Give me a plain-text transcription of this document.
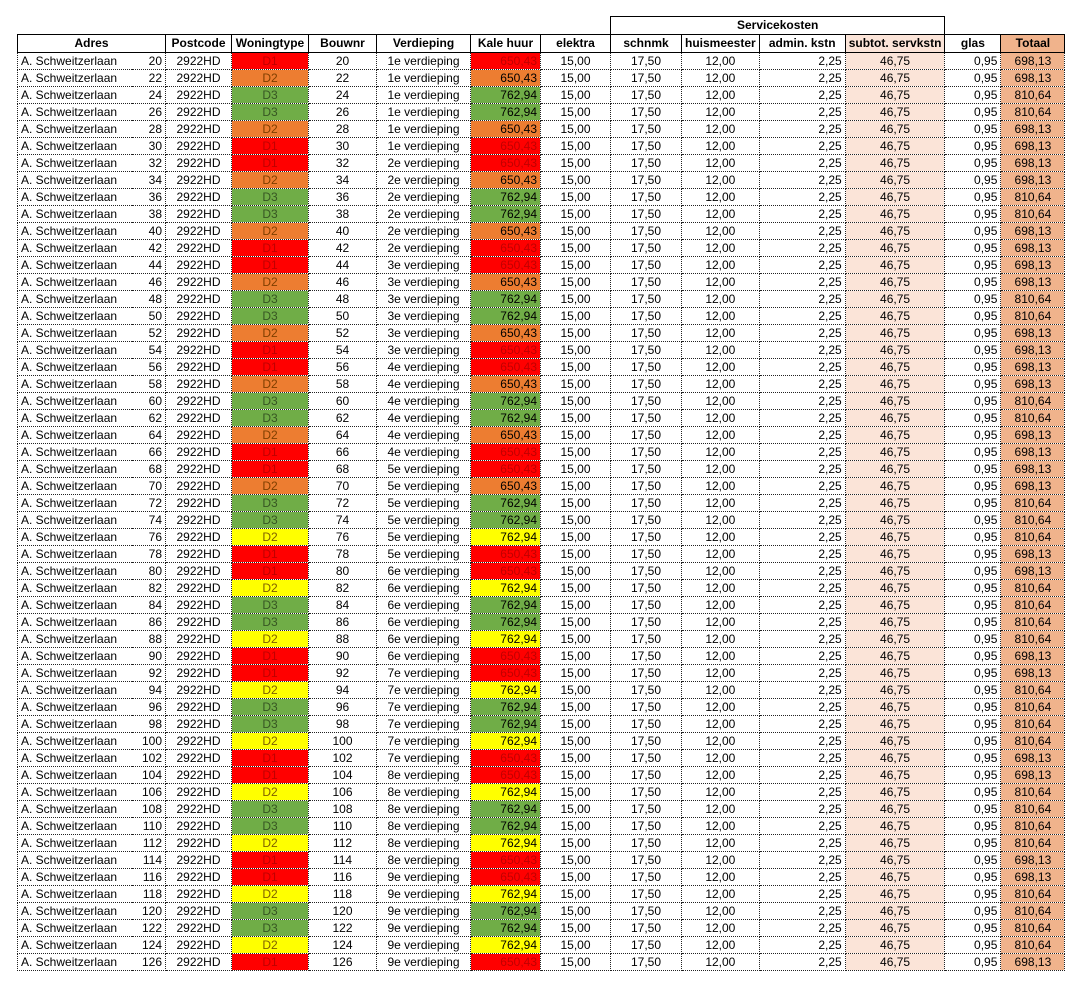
								Servicekosten					
Adres		Postcode	Woningtype	Bouwnr	Verdieping	Kale huur	elektra	schnmk	huismeester	admin. kstn	subtot. servkstn	glas	Totaal
A. Schweitzerlaan	20	2922HD	D1	20	1e verdieping	650,43	15,00	17,50	12,00	2,25	46,75	0,95	698,13
A. Schweitzerlaan	22	2922HD	D2	22	1e verdieping	650,43	15,00	17,50	12,00	2,25	46,75	0,95	698,13
A. Schweitzerlaan	24	2922HD	D3	24	1e verdieping	762,94	15,00	17,50	12,00	2,25	46,75	0,95	810,64
A. Schweitzerlaan	26	2922HD	D3	26	1e verdieping	762,94	15,00	17,50	12,00	2,25	46,75	0,95	810,64
A. Schweitzerlaan	28	2922HD	D2	28	1e verdieping	650,43	15,00	17,50	12,00	2,25	46,75	0,95	698,13
A. Schweitzerlaan	30	2922HD	D1	30	1e verdieping	650,43	15,00	17,50	12,00	2,25	46,75	0,95	698,13
A. Schweitzerlaan	32	2922HD	D1	32	2e verdieping	650,43	15,00	17,50	12,00	2,25	46,75	0,95	698,13
A. Schweitzerlaan	34	2922HD	D2	34	2e verdieping	650,43	15,00	17,50	12,00	2,25	46,75	0,95	698,13
A. Schweitzerlaan	36	2922HD	D3	36	2e verdieping	762,94	15,00	17,50	12,00	2,25	46,75	0,95	810,64
A. Schweitzerlaan	38	2922HD	D3	38	2e verdieping	762,94	15,00	17,50	12,00	2,25	46,75	0,95	810,64
A. Schweitzerlaan	40	2922HD	D2	40	2e verdieping	650,43	15,00	17,50	12,00	2,25	46,75	0,95	698,13
A. Schweitzerlaan	42	2922HD	D1	42	2e verdieping	650,43	15,00	17,50	12,00	2,25	46,75	0,95	698,13
A. Schweitzerlaan	44	2922HD	D1	44	3e verdieping	650,43	15,00	17,50	12,00	2,25	46,75	0,95	698,13
A. Schweitzerlaan	46	2922HD	D2	46	3e verdieping	650,43	15,00	17,50	12,00	2,25	46,75	0,95	698,13
A. Schweitzerlaan	48	2922HD	D3	48	3e verdieping	762,94	15,00	17,50	12,00	2,25	46,75	0,95	810,64
A. Schweitzerlaan	50	2922HD	D3	50	3e verdieping	762,94	15,00	17,50	12,00	2,25	46,75	0,95	810,64
A. Schweitzerlaan	52	2922HD	D2	52	3e verdieping	650,43	15,00	17,50	12,00	2,25	46,75	0,95	698,13
A. Schweitzerlaan	54	2922HD	D1	54	3e verdieping	650,43	15,00	17,50	12,00	2,25	46,75	0,95	698,13
A. Schweitzerlaan	56	2922HD	D1	56	4e verdieping	650,43	15,00	17,50	12,00	2,25	46,75	0,95	698,13
A. Schweitzerlaan	58	2922HD	D2	58	4e verdieping	650,43	15,00	17,50	12,00	2,25	46,75	0,95	698,13
A. Schweitzerlaan	60	2922HD	D3	60	4e verdieping	762,94	15,00	17,50	12,00	2,25	46,75	0,95	810,64
A. Schweitzerlaan	62	2922HD	D3	62	4e verdieping	762,94	15,00	17,50	12,00	2,25	46,75	0,95	810,64
A. Schweitzerlaan	64	2922HD	D2	64	4e verdieping	650,43	15,00	17,50	12,00	2,25	46,75	0,95	698,13
A. Schweitzerlaan	66	2922HD	D1	66	4e verdieping	650,43	15,00	17,50	12,00	2,25	46,75	0,95	698,13
A. Schweitzerlaan	68	2922HD	D1	68	5e verdieping	650,43	15,00	17,50	12,00	2,25	46,75	0,95	698,13
A. Schweitzerlaan	70	2922HD	D2	70	5e verdieping	650,43	15,00	17,50	12,00	2,25	46,75	0,95	698,13
A. Schweitzerlaan	72	2922HD	D3	72	5e verdieping	762,94	15,00	17,50	12,00	2,25	46,75	0,95	810,64
A. Schweitzerlaan	74	2922HD	D3	74	5e verdieping	762,94	15,00	17,50	12,00	2,25	46,75	0,95	810,64
A. Schweitzerlaan	76	2922HD	D2	76	5e verdieping	762,94	15,00	17,50	12,00	2,25	46,75	0,95	810,64
A. Schweitzerlaan	78	2922HD	D1	78	5e verdieping	650,43	15,00	17,50	12,00	2,25	46,75	0,95	698,13
A. Schweitzerlaan	80	2922HD	D1	80	6e verdieping	650,43	15,00	17,50	12,00	2,25	46,75	0,95	698,13
A. Schweitzerlaan	82	2922HD	D2	82	6e verdieping	762,94	15,00	17,50	12,00	2,25	46,75	0,95	810,64
A. Schweitzerlaan	84	2922HD	D3	84	6e verdieping	762,94	15,00	17,50	12,00	2,25	46,75	0,95	810,64
A. Schweitzerlaan	86	2922HD	D3	86	6e verdieping	762,94	15,00	17,50	12,00	2,25	46,75	0,95	810,64
A. Schweitzerlaan	88	2922HD	D2	88	6e verdieping	762,94	15,00	17,50	12,00	2,25	46,75	0,95	810,64
A. Schweitzerlaan	90	2922HD	D1	90	6e verdieping	650,43	15,00	17,50	12,00	2,25	46,75	0,95	698,13
A. Schweitzerlaan	92	2922HD	D1	92	7e verdieping	650,43	15,00	17,50	12,00	2,25	46,75	0,95	698,13
A. Schweitzerlaan	94	2922HD	D2	94	7e verdieping	762,94	15,00	17,50	12,00	2,25	46,75	0,95	810,64
A. Schweitzerlaan	96	2922HD	D3	96	7e verdieping	762,94	15,00	17,50	12,00	2,25	46,75	0,95	810,64
A. Schweitzerlaan	98	2922HD	D3	98	7e verdieping	762,94	15,00	17,50	12,00	2,25	46,75	0,95	810,64
A. Schweitzerlaan	100	2922HD	D2	100	7e verdieping	762,94	15,00	17,50	12,00	2,25	46,75	0,95	810,64
A. Schweitzerlaan	102	2922HD	D1	102	7e verdieping	650,43	15,00	17,50	12,00	2,25	46,75	0,95	698,13
A. Schweitzerlaan	104	2922HD	D1	104	8e verdieping	650,43	15,00	17,50	12,00	2,25	46,75	0,95	698,13
A. Schweitzerlaan	106	2922HD	D2	106	8e verdieping	762,94	15,00	17,50	12,00	2,25	46,75	0,95	810,64
A. Schweitzerlaan	108	2922HD	D3	108	8e verdieping	762,94	15,00	17,50	12,00	2,25	46,75	0,95	810,64
A. Schweitzerlaan	110	2922HD	D3	110	8e verdieping	762,94	15,00	17,50	12,00	2,25	46,75	0,95	810,64
A. Schweitzerlaan	112	2922HD	D2	112	8e verdieping	762,94	15,00	17,50	12,00	2,25	46,75	0,95	810,64
A. Schweitzerlaan	114	2922HD	D1	114	8e verdieping	650,43	15,00	17,50	12,00	2,25	46,75	0,95	698,13
A. Schweitzerlaan	116	2922HD	D1	116	9e verdieping	650,43	15,00	17,50	12,00	2,25	46,75	0,95	698,13
A. Schweitzerlaan	118	2922HD	D2	118	9e verdieping	762,94	15,00	17,50	12,00	2,25	46,75	0,95	810,64
A. Schweitzerlaan	120	2922HD	D3	120	9e verdieping	762,94	15,00	17,50	12,00	2,25	46,75	0,95	810,64
A. Schweitzerlaan	122	2922HD	D3	122	9e verdieping	762,94	15,00	17,50	12,00	2,25	46,75	0,95	810,64
A. Schweitzerlaan	124	2922HD	D2	124	9e verdieping	762,94	15,00	17,50	12,00	2,25	46,75	0,95	810,64
A. Schweitzerlaan	126	2922HD	D1	126	9e verdieping	650,43	15,00	17,50	12,00	2,25	46,75	0,95	698,13
